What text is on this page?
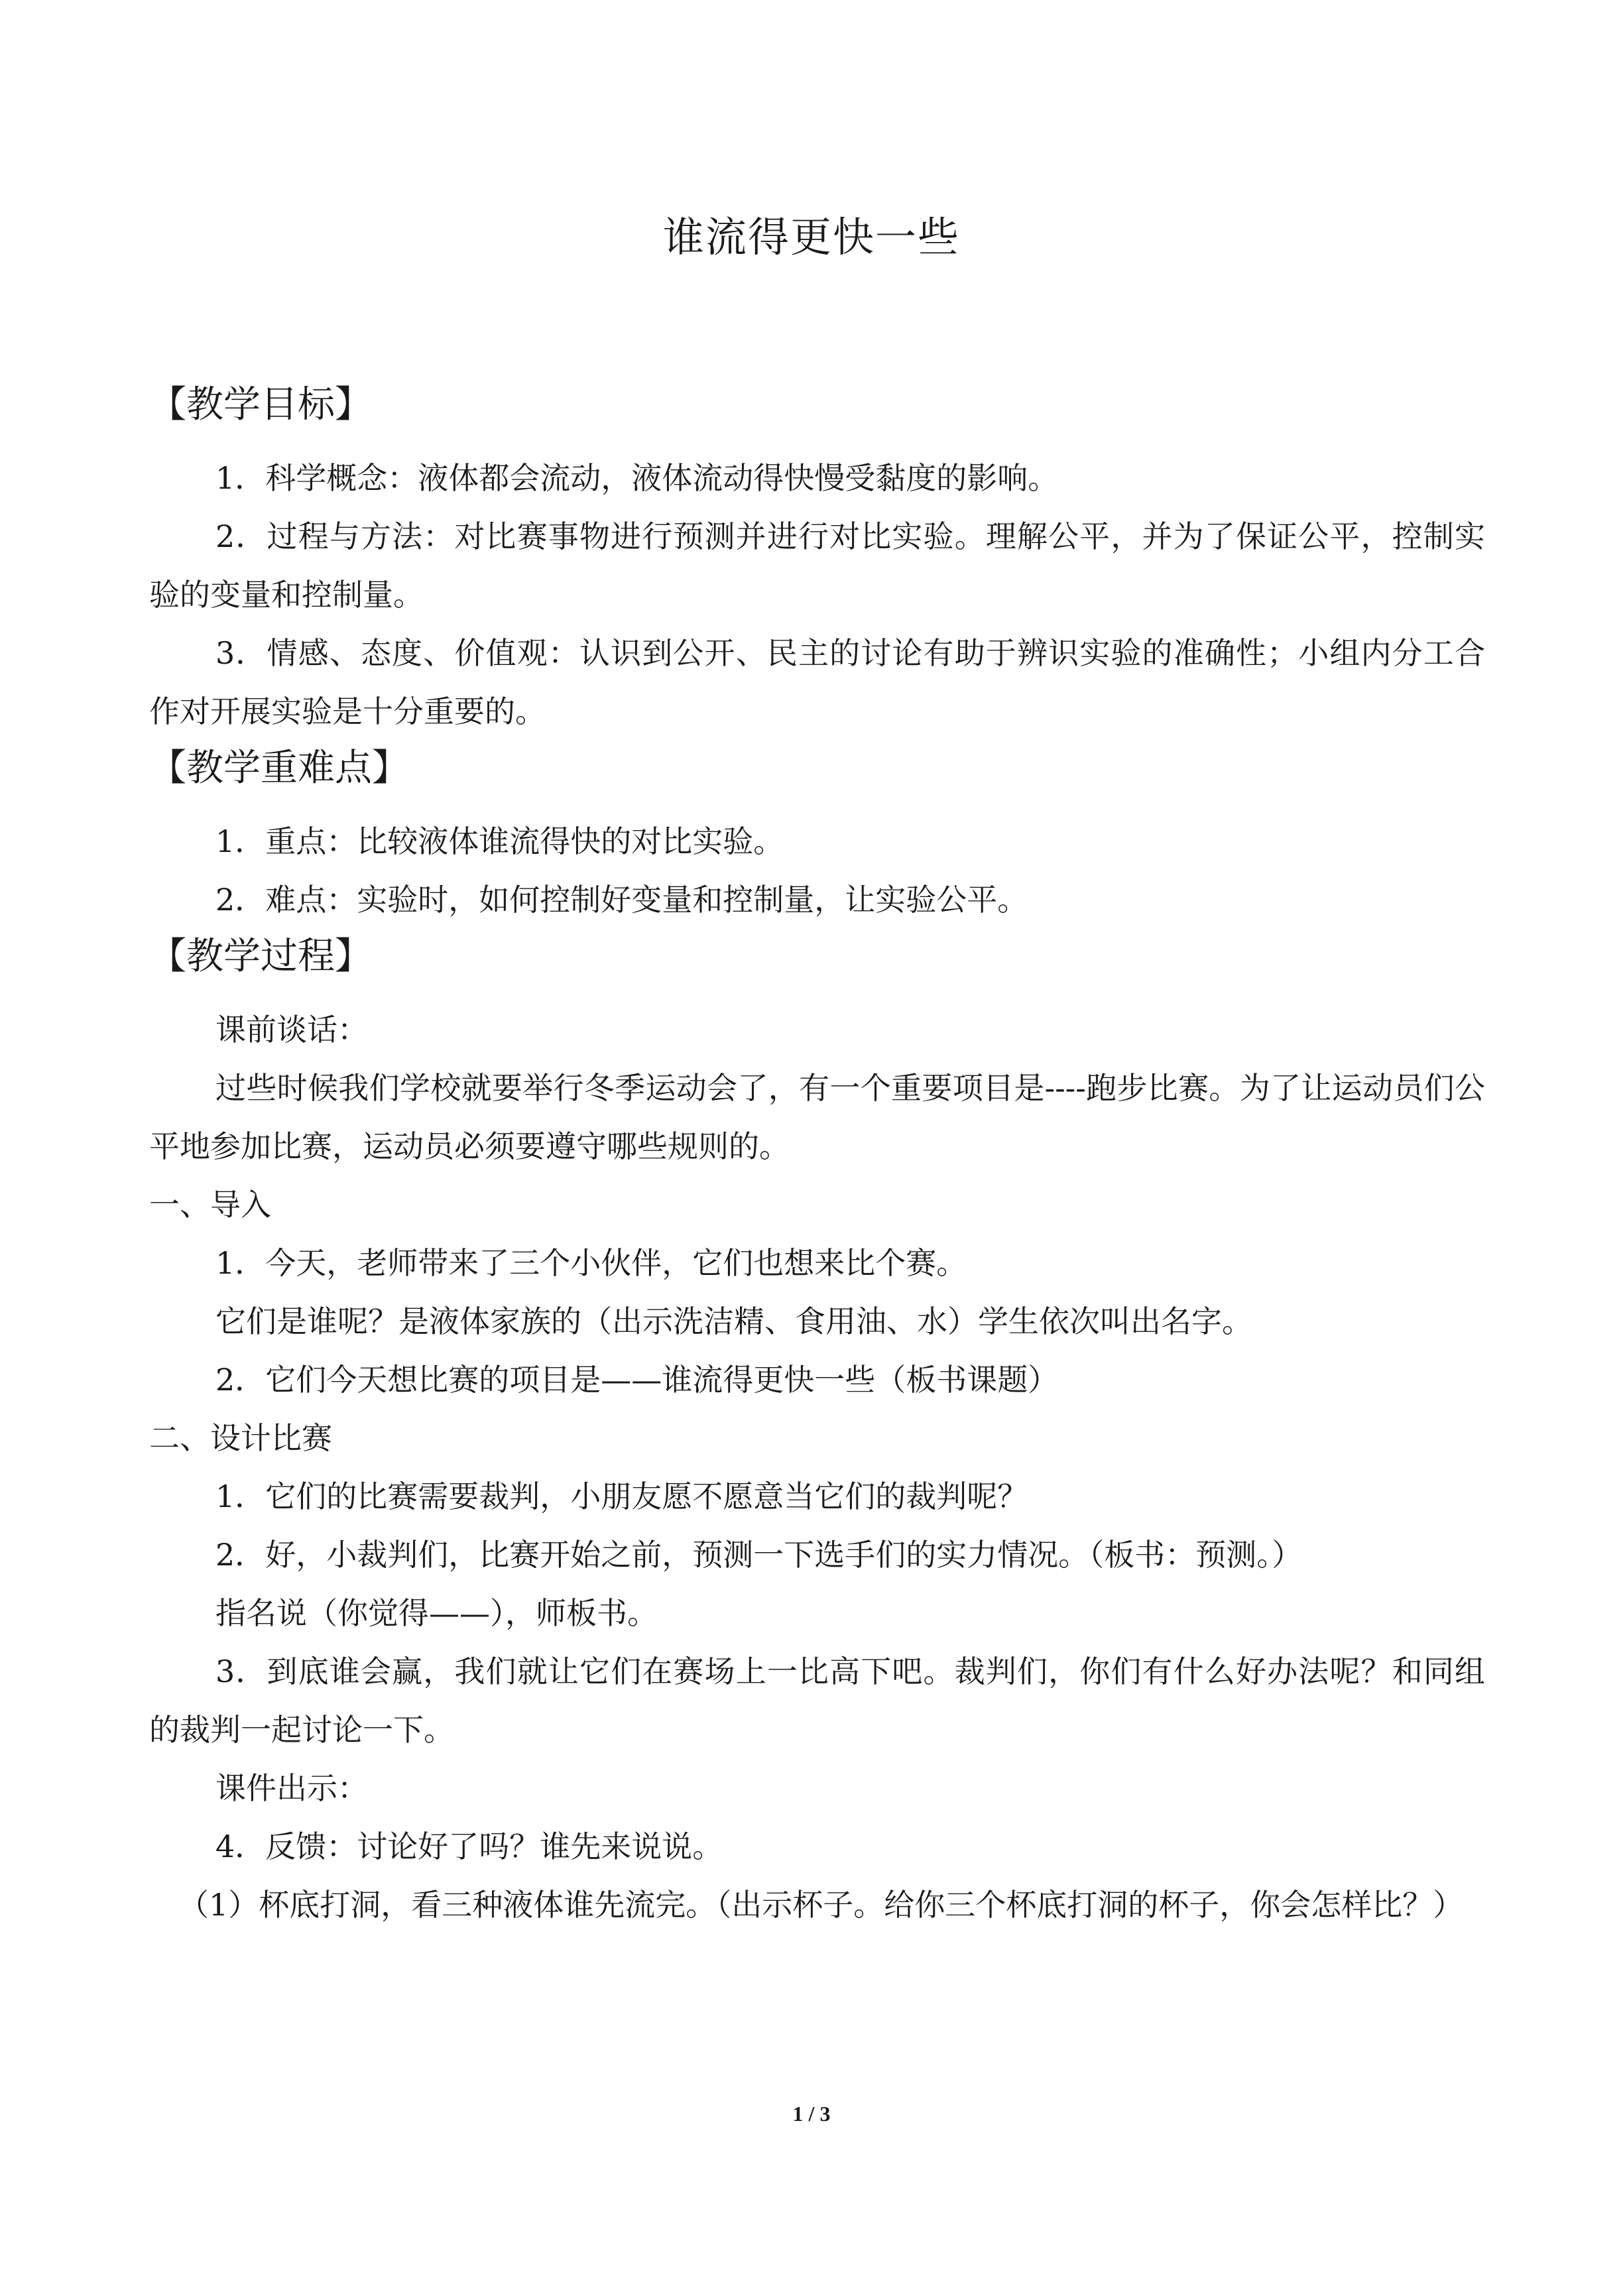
谁流得更快一些

【教学目标】

1．科学概念：液体都会流动，液体流动得快慢受黏度的影响。

2．过程与方法：对比赛事物进行预测并进行对比实验。理解公平，并为了保证公平，控制实验的变量和控制量。

3．情感、态度、价值观：认识到公开、民主的讨论有助于辨识实验的准确性；小组内分工合作对开展实验是十分重要的。

【教学重难点】

1．重点：比较液体谁流得快的对比实验。

2．难点：实验时，如何控制好变量和控制量，让实验公平。

【教学过程】

课前谈话：

过些时候我们学校就要举行冬季运动会了，有一个重要项目是----跑步比赛。为了让运动员们公平地参加比赛，运动员必须要遵守哪些规则的。

一、导入

1．今天，老师带来了三个小伙伴，它们也想来比个赛。

它们是谁呢？是液体家族的（出示洗洁精、食用油、水）学生依次叫出名字。

2．它们今天想比赛的项目是——谁流得更快一些（板书课题）

二、设计比赛

1．它们的比赛需要裁判，小朋友愿不愿意当它们的裁判呢？

2．好，小裁判们，比赛开始之前，预测一下选手们的实力情况。（板书：预测。）

指名说（你觉得——），师板书。

3．到底谁会赢，我们就让它们在赛场上一比高下吧。裁判们，你们有什么好办法呢？和同组的裁判一起讨论一下。

课件出示：

4．反馈：讨论好了吗？谁先来说说。

（1）杯底打洞，看三种液体谁先流完。（出示杯子。给你三个杯底打洞的杯子，你会怎样比？）

1 / 3
